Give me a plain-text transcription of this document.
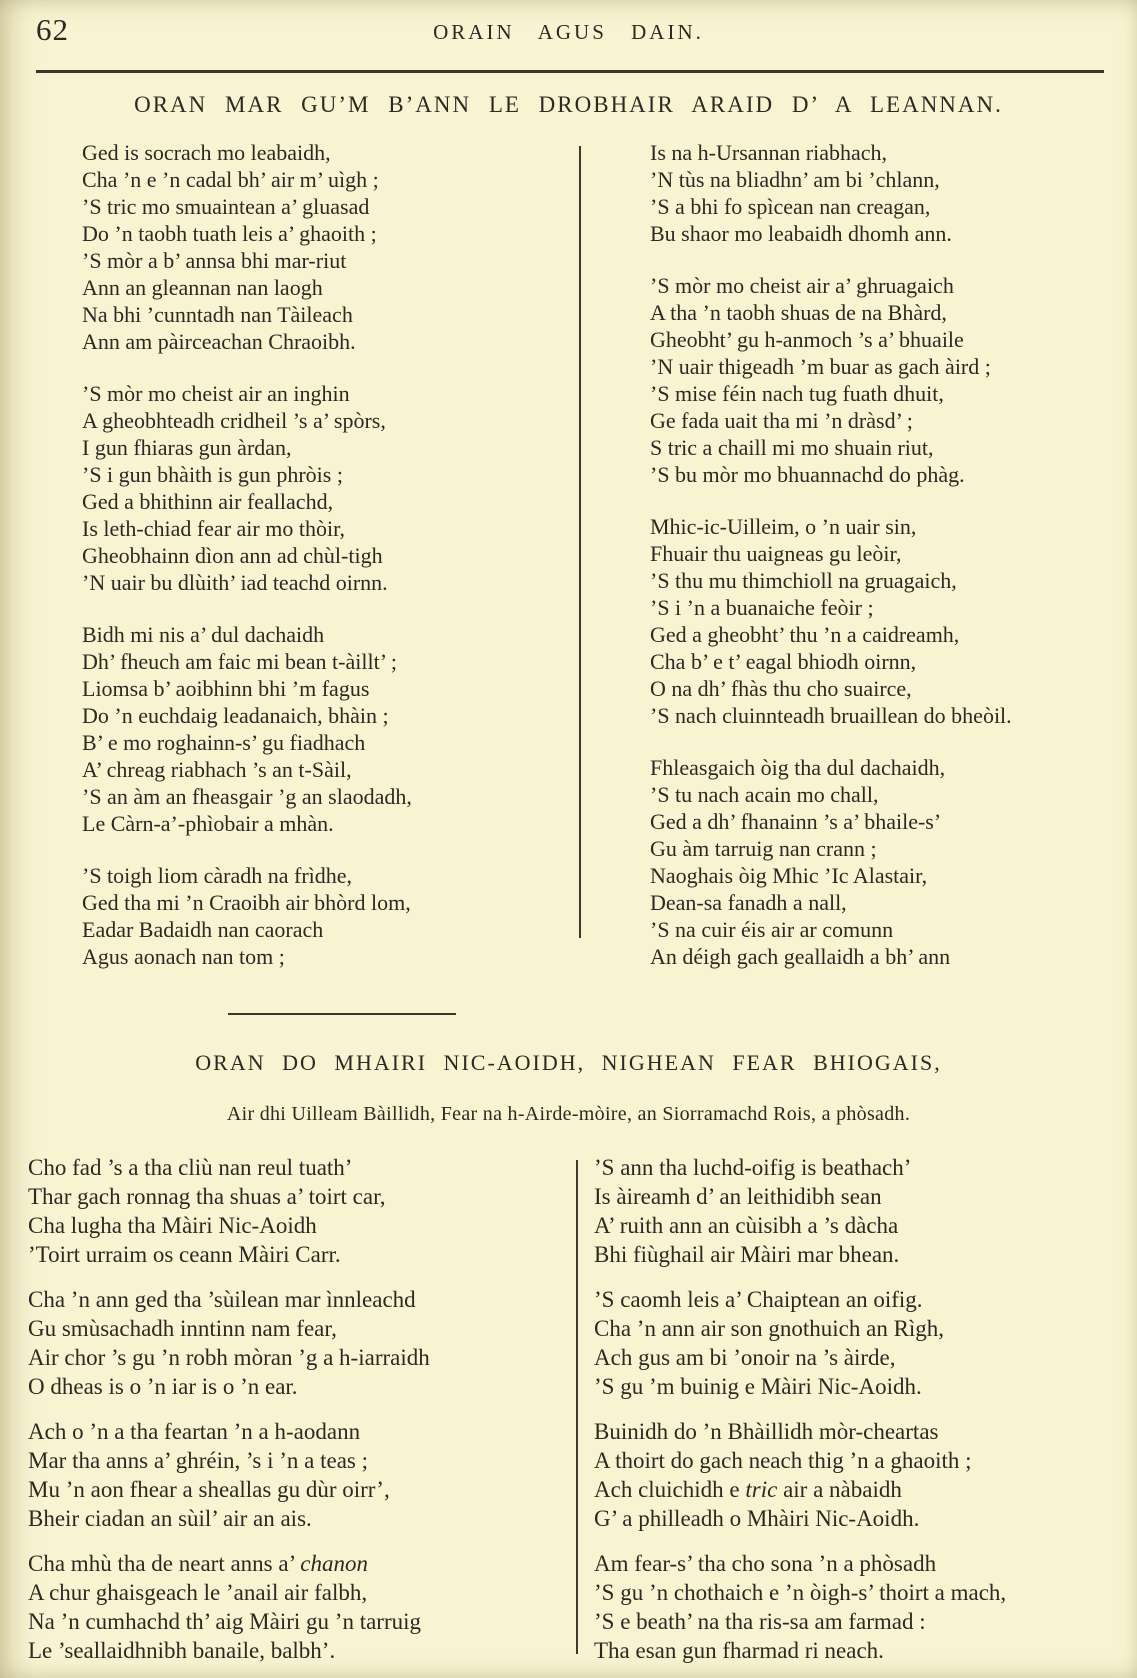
62	ORAIN AGUS DAIN.
ORAN MAR GU’M B’ANN LE DROBHAIR ARAID D’ A LEANNAN.
Ged is socrach mo leabaidh,
Cha ’n e ’n cadal bh’ air m’ uìgh ;
’S tric mo smuaintean a’ gluasad
Do ’n taobh tuath leis a’ ghaoith ;
’S mòr a b’ annsa bhi mar-riut
Ann an gleannan nan laogh
Na bhi ’cunntadh nan Tàileach
Ann am pàirceachan Chraoibh.
’S mòr mo cheist air an inghin
A gheobhteadh cridheil ’s a’ spòrs,
I gun fhiaras gun àrdan,
’S i gun bhàith is gun phròis ;
Ged a bhithinn air feallachd,
Is leth-chiad fear air mo thòir,
Gheobhainn dìon ann ad chùl-tigh
’N uair bu dlùith’ iad teachd oirnn.
Bidh mi nis a’ dul dachaidh
Dh’ fheuch am faic mi bean t-àillt’ ;
Liomsa b’ aoibhinn bhi ’m fagus
Do ’n euchdaig leadanaich, bhàin ;
B’ e mo roghainn-s’ gu fiadhach
A’ chreag riabhach ’s an t-Sàil,
’S an àm an fheasgair ’g an slaodadh,
Le Càrn-a’-phìobair a mhàn.
’S toigh liom càradh na frìdhe,
Ged tha mi ’n Craoibh air bhòrd lom,
Eadar Badaidh nan caorach
Agus aonach nan tom ;
Is na h-Ursannan riabhach,
’N tùs na bliadhn’ am bi ’chlann,
’S a bhi fo spìcean nan creagan,
Bu shaor mo leabaidh dhomh ann.
’S mòr mo cheist air a’ ghruagaich
A tha ’n taobh shuas de na Bhàrd,
Gheobht’ gu h-anmoch ’s a’ bhuaile
’N uair thigeadh ’m buar as gach àird ;
’S mise féin nach tug fuath dhuit,
Ge fada uait tha mi ’n dràsd’ ;
S tric a chaill mi mo shuain riut,
’S bu mòr mo bhuannachd do phàg.
Mhic-ic-Uilleim, o ’n uair sin,
Fhuair thu uaigneas gu leòir,
’S thu mu thimchioll na gruagaich,
’S i ’n a buanaiche feòir ;
Ged a gheobht’ thu ’n a caidreamh,
Cha b’ e t’ eagal bhiodh oirnn,
O na dh’ fhàs thu cho suairce,
’S nach cluinnteadh bruaillean do bheòil.
Fhleasgaich òig tha dul dachaidh,
’S tu nach acain mo chall,
Ged a dh’ fhanainn ’s a’ bhaile-s’
Gu àm tarruig nan crann ;
Naoghais òig Mhic ’Ic Alastair,
Dean-sa fanadh a nall,
’S na cuir éis air ar comunn
An déigh gach geallaidh a bh’ ann
ORAN DO MHAIRI NIC-AOIDH, NIGHEAN FEAR BHIOGAIS,
Air dhi Uilleam Bàillidh, Fear na h-Airde-mòire, an Siorramachd Rois, a phòsadh.
Cho fad ’s a tha cliù nan reul tuath’
Thar gach ronnag tha shuas a’ toirt car,
Cha lugha tha Màiri Nic-Aoidh
’Toirt urraim os ceann Màiri Carr.
Cha ’n ann ged tha ’sùilean mar ìnnleachd
Gu smùsachadh inntinn nam fear,
Air chor ’s gu ’n robh mòran ’g a h-iarraidh
O dheas is o ’n iar is o ’n ear.
Ach o ’n a tha feartan ’n a h-aodann
Mar tha anns a’ ghréin, ’s i ’n a teas ;
Mu ’n aon fhear a sheallas gu dùr oirr’,
Bheir ciadan an sùil’ air an ais.
Cha mhù tha de neart anns a’ chanon
A chur ghaisgeach le ’anail air falbh,
Na ’n cumhachd th’ aig Màiri gu ’n tarruig
Le ’seallaidhnibh banaile, balbh’.
’S ann tha luchd-oifig is beathach’
Is àireamh d’ an leithidibh sean
A’ ruith ann an cùisibh a ’s dàcha
Bhi fiùghail air Màiri mar bhean.
’S caomh leis a’ Chaiptean an oifig.
Cha ’n ann air son gnothuich an Rìgh,
Ach gus am bi ’onoir na ’s àirde,
’S gu ’m buinig e Màiri Nic-Aoidh.
Buinidh do ’n Bhàillidh mòr-cheartas
A thoirt do gach neach thig ’n a ghaoith ;
Ach cluichidh e tric air a nàbaidh
G’ a philleadh o Mhàiri Nic-Aoidh.
Am fear-s’ tha cho sona ’n a phòsadh
’S gu ’n chothaich e ’n òigh-s’ thoirt a mach,
’S e beath’ na tha ris-sa am farmad :
Tha esan gun fharmad ri neach.
